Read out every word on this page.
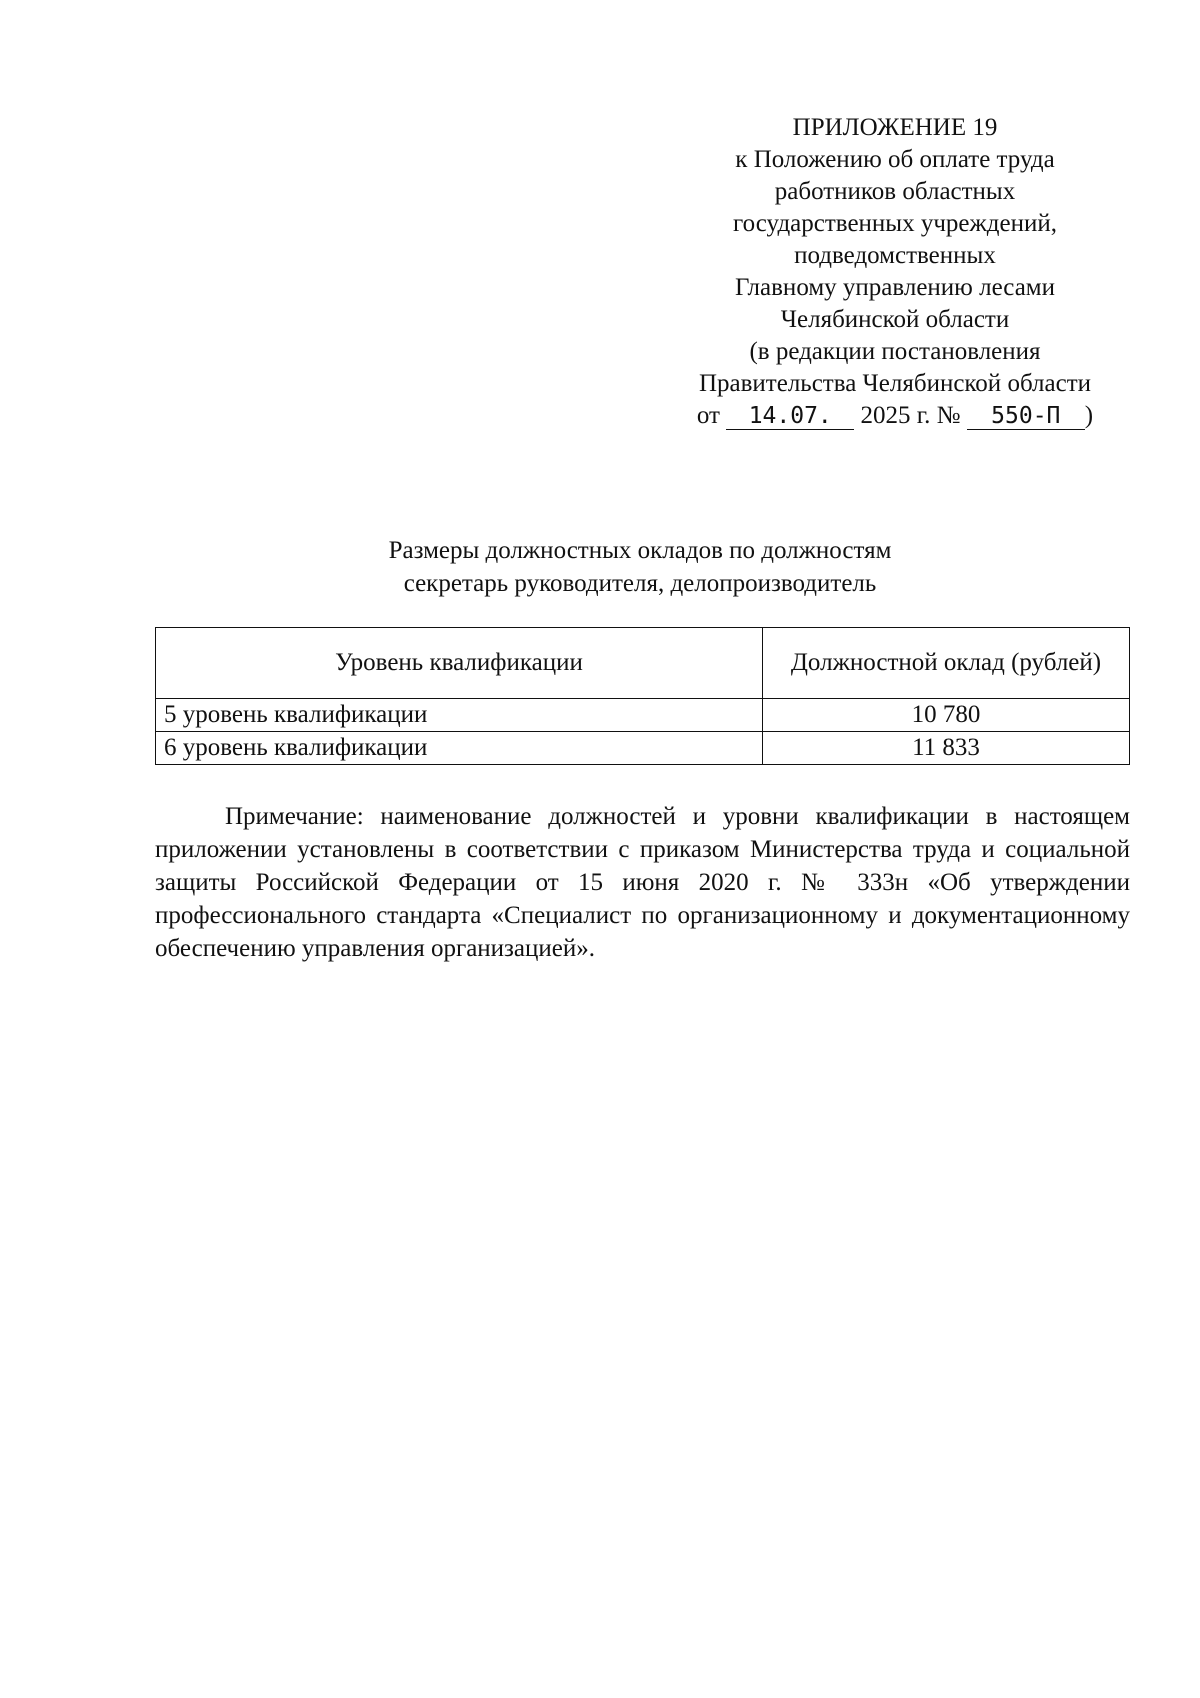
ПРИЛОЖЕНИЕ 19
к Положению об оплате труда
работников областных
государственных учреждений,
подведомственных
Главному управлению лесами
Челябинской области
(в редакции постановления
Правительства Челябинской области
от 14.07. 2025 г. № 550-П )
Размеры должностных окладов по должностям
секретарь руководителя, делопроизводитель
Уровень квалификации	Должностной оклад (рублей)
5 уровень квалификации	10 780
6 уровень квалификации	11 833

Примечание: наименование должностей и уровни квалификации в настоящем приложении установлены в соответствии с приказом Министерства труда и социальной защиты Российской Федерации от 15 июня 2020 г. № 333н «Об утверждении профессионального стандарта «Специалист по организационному и документационному обеспечению управления организацией».
